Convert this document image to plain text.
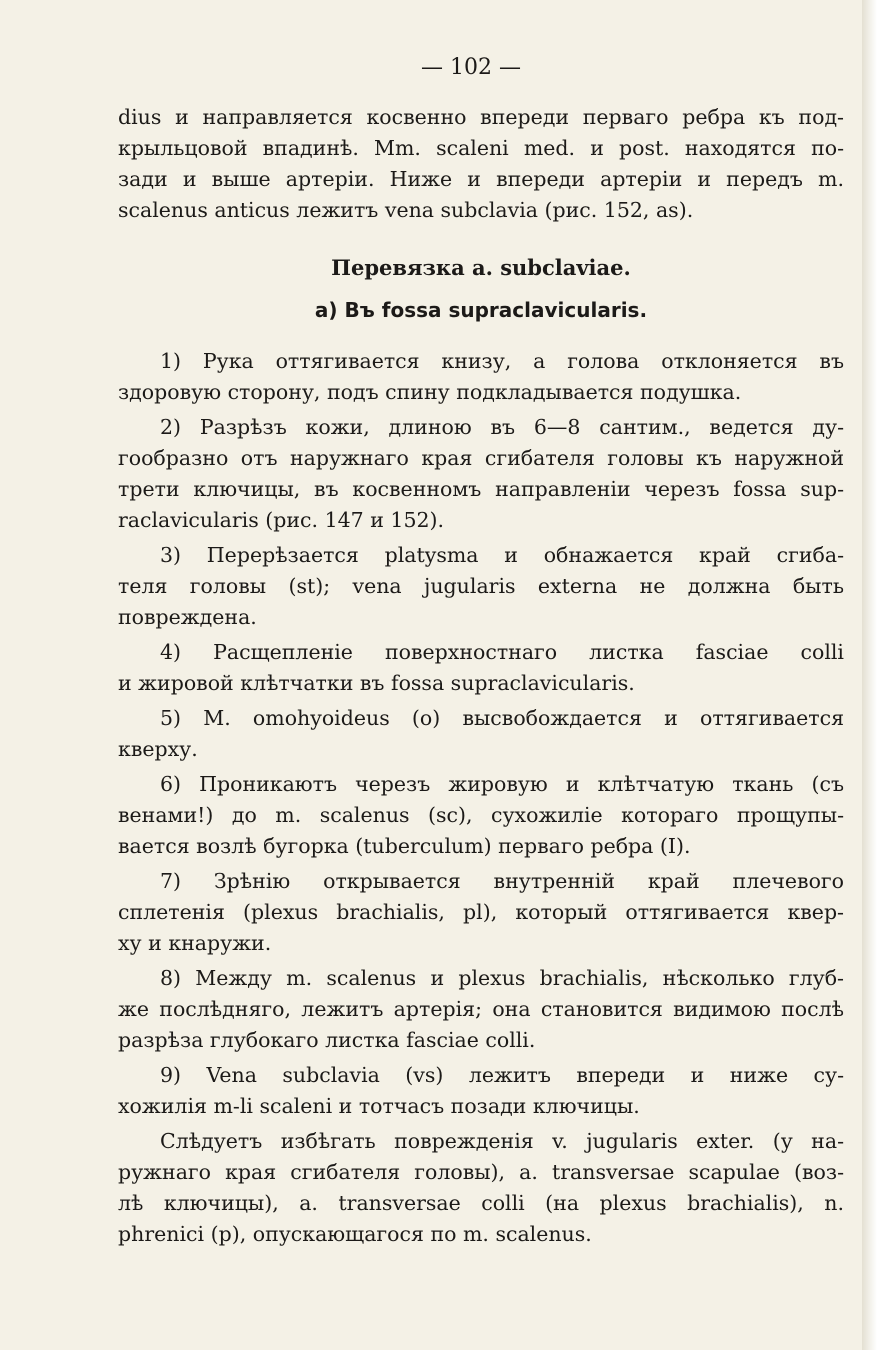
— 102 —
dius и направляется косвенно впереди перваго ребра къ под-
крыльцовой впадинѣ. Mm. scaleni med. и post. находятся по-
зади и выше артеріи. Ниже и впереди артеріи и передъ m.
scalenus anticus лежитъ vena subclavia (рис. 152, as).
Перевязка a. subclaviae.
a) Въ fossa supraclavicularis.
1) Рука оттягивается книзу, а голова отклоняется въ
здоровую сторону, подъ спину подкладывается подушка.
2) Разрѣзъ кожи, длиною въ 6—8 сантим., ведется ду-
гообразно отъ наружнаго края сгибателя головы къ наружной
трети ключицы, въ косвенномъ направленіи черезъ fossa sup-
raclavicularis (рис. 147 и 152).
3) Перерѣзается platysma и обнажается край сгиба-
теля головы (st); vena jugularis externa не должна быть
повреждена.
4) Расщепленіе поверхностнаго листка fasciae colli
и жировой клѣтчатки въ fossa supraclavicularis.
5) M. omohyoideus (o) высвобождается и оттягивается
кверху.
6) Проникаютъ черезъ жировую и клѣтчатую ткань (съ
венами!) до m. scalenus (sc), сухожиліе котораго прощупы-
вается возлѣ бугорка (tuberculum) перваго ребра (I).
7) Зрѣнію открывается внутренній край плечевого
сплетенія (plexus brachialis, pl), который оттягивается квер-
ху и кнаружи.
8) Между m. scalenus и plexus brachialis, нѣсколько глуб-
же послѣдняго, лежитъ артерія; она становится видимою послѣ
разрѣза глубокаго листка fasciae colli.
9) Vena subclavia (vs) лежитъ впереди и ниже су-
хожилія m-li scaleni и тотчасъ позади ключицы.
Слѣдуетъ избѣгать поврежденія v. jugularis exter. (у на-
ружнаго края сгибателя головы), a. transversae scapulae (воз-
лѣ ключицы), a. transversae colli (на plexus brachialis), n.
phrenici (p), опускающагося по m. scalenus.
